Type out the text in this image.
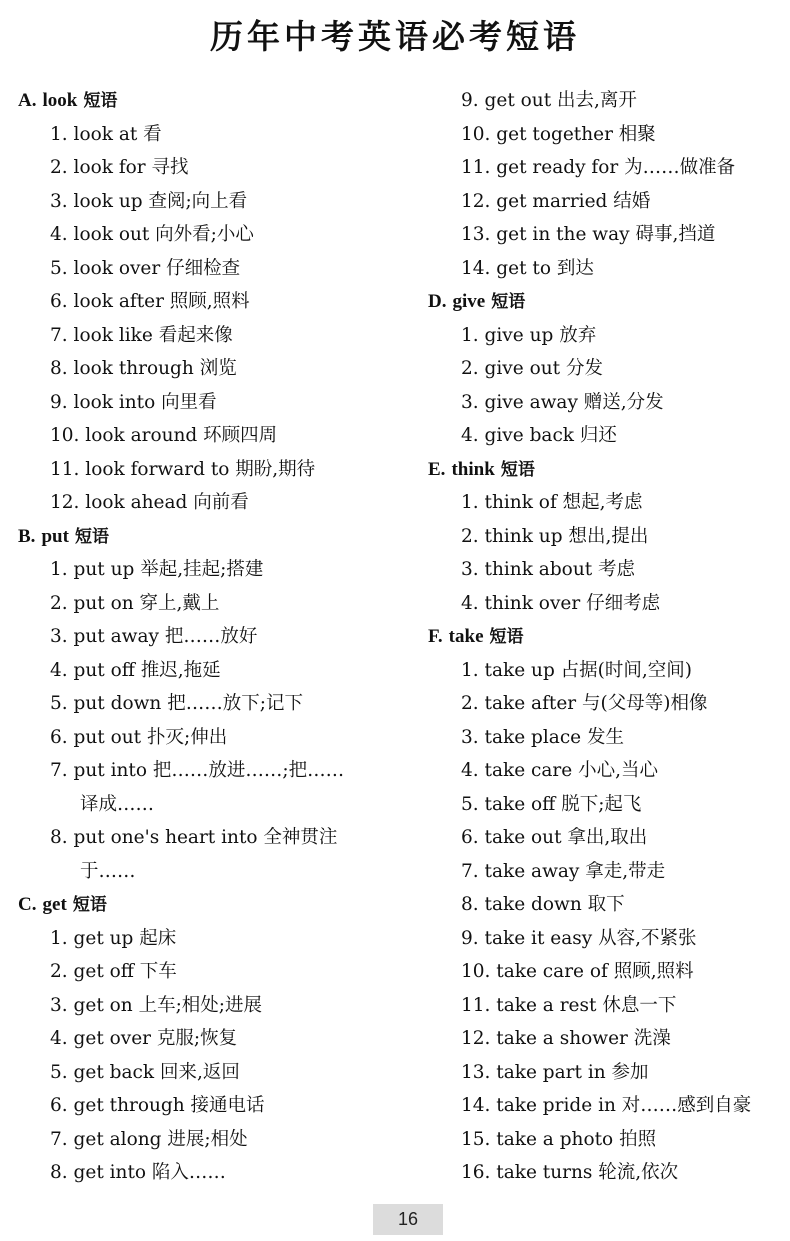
历年中考英语必考短语
A. look 短语
1. look at 看
2. look for 寻找
3. look up 查阅;向上看
4. look out 向外看;小心
5. look over 仔细检查
6. look after 照顾,照料
7. look like 看起来像
8. look through 浏览
9. look into 向里看
10. look around 环顾四周
11. look forward to 期盼,期待
12. look ahead 向前看
B. put 短语
1. put up 举起,挂起;搭建
2. put on 穿上,戴上
3. put away 把……放好
4. put off 推迟,拖延
5. put down 把……放下;记下
6. put out 扑灭;伸出
7. put into 把……放进……;把……
译成……
8. put one's heart into 全神贯注
于……
C. get 短语
1. get up 起床
2. get off 下车
3. get on 上车;相处;进展
4. get over 克服;恢复
5. get back 回来,返回
6. get through 接通电话
7. get along 进展;相处
8. get into 陷入……
9. get out 出去,离开
10. get together 相聚
11. get ready for 为……做准备
12. get married 结婚
13. get in the way 碍事,挡道
14. get to 到达
D. give 短语
1. give up 放弃
2. give out 分发
3. give away 赠送,分发
4. give back 归还
E. think 短语
1. think of 想起,考虑
2. think up 想出,提出
3. think about 考虑
4. think over 仔细考虑
F. take 短语
1. take up 占据(时间,空间)
2. take after 与(父母等)相像
3. take place 发生
4. take care 小心,当心
5. take off 脱下;起飞
6. take out 拿出,取出
7. take away 拿走,带走
8. take down 取下
9. take it easy 从容,不紧张
10. take care of 照顾,照料
11. take a rest 休息一下
12. take a shower 洗澡
13. take part in 参加
14. take pride in 对……感到自豪
15. take a photo 拍照
16. take turns 轮流,依次
16
